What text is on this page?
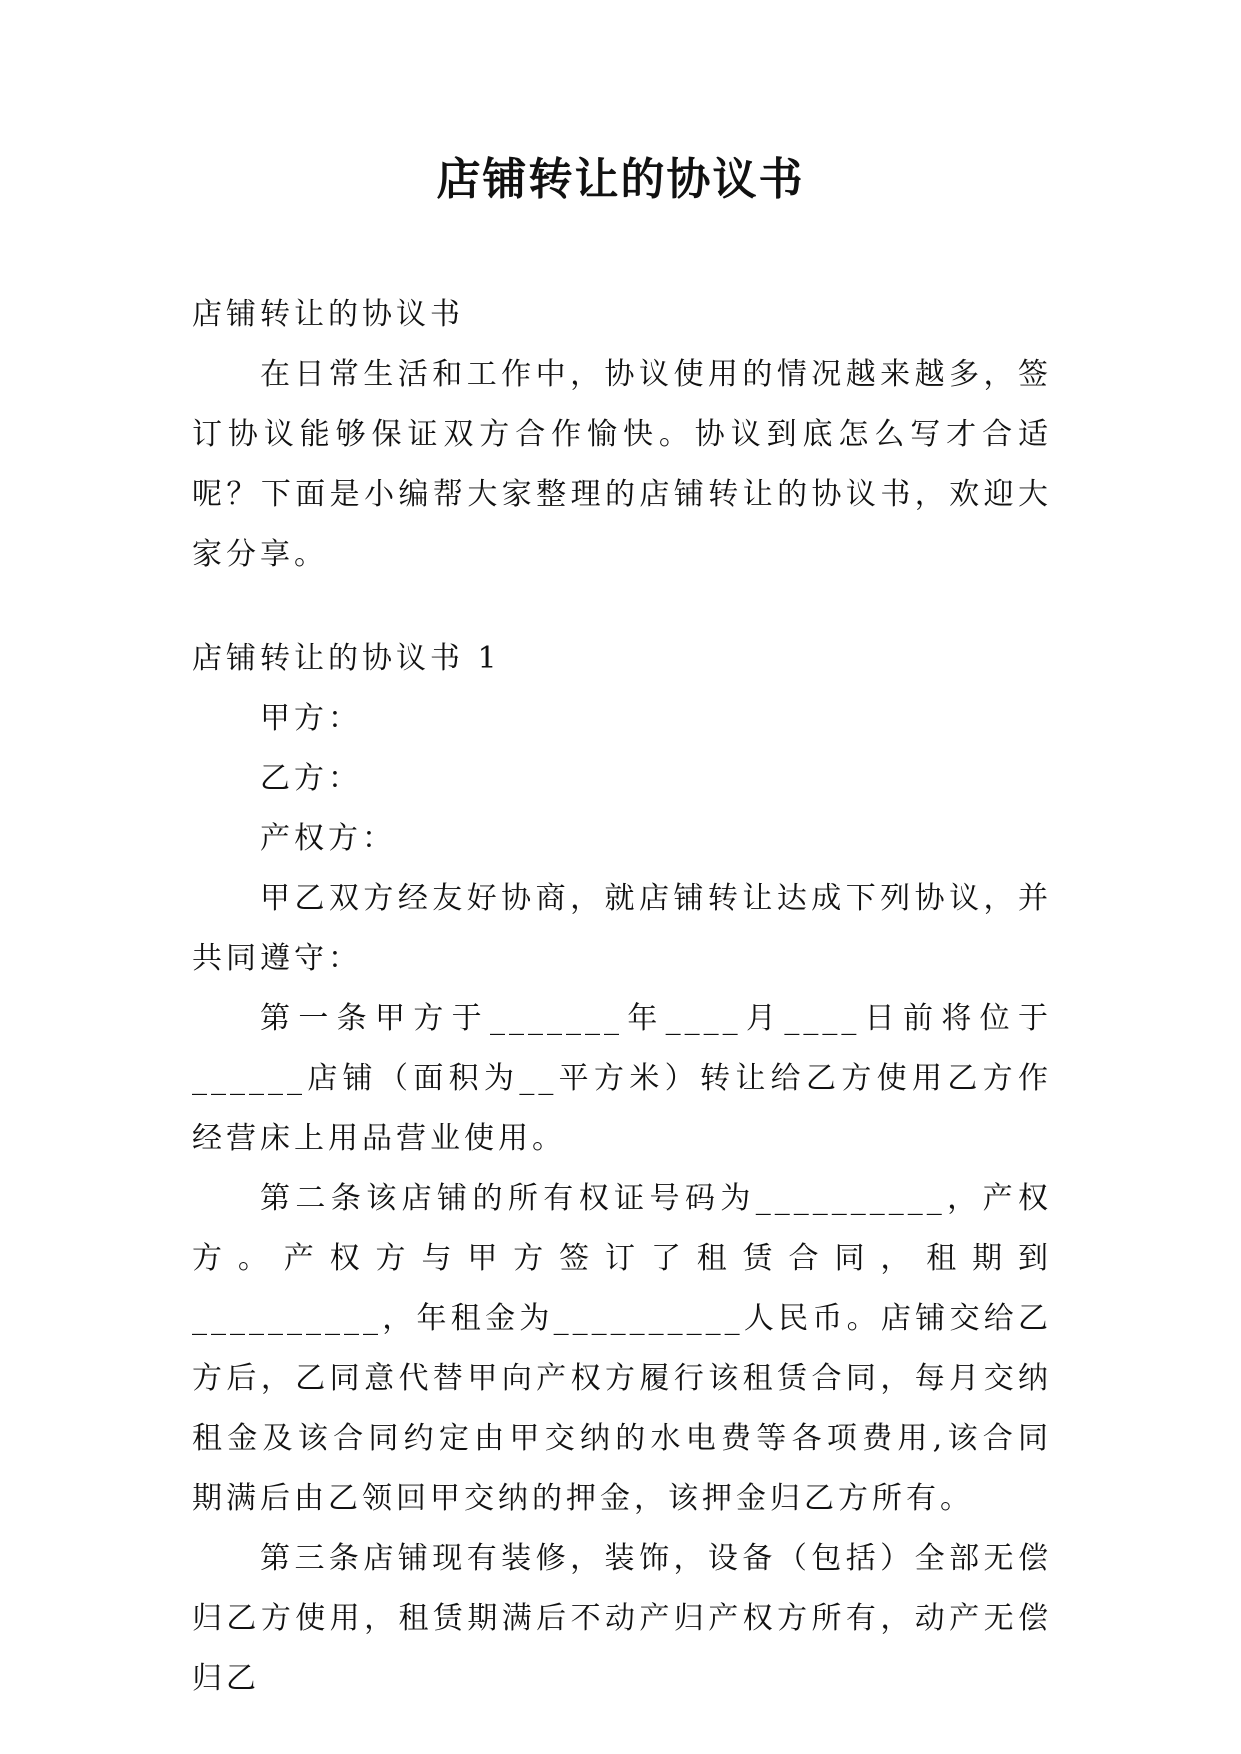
店铺转让的协议书

店铺转让的协议书

在日常生活和工作中，协议使用的情况越来越多，签订协议能够保证双方合作愉快。协议到底怎么写才合适呢？下面是小编帮大家整理的店铺转让的协议书，欢迎大家分享。

店铺转让的协议书 1

甲方：

乙方：

产权方：

甲乙双方经友好协商，就店铺转让达成下列协议，并共同遵守：

第一条甲方于_______年____月____日前将位于______店铺（面积为__平方米）转让给乙方使用乙方作经营床上用品营业使用。

第二条该店铺的所有权证号码为__________，产权方。产权方与甲方签订了租赁合同，租期到__________，年租金为__________人民币。店铺交给乙方后，乙同意代替甲向产权方履行该租赁合同，每月交纳租金及该合同约定由甲交纳的水电费等各项费用,该合同期满后由乙领回甲交纳的押金，该押金归乙方所有。

第三条店铺现有装修，装饰，设备（包括）全部无偿归乙方使用，租赁期满后不动产归产权方所有，动产无偿归乙
